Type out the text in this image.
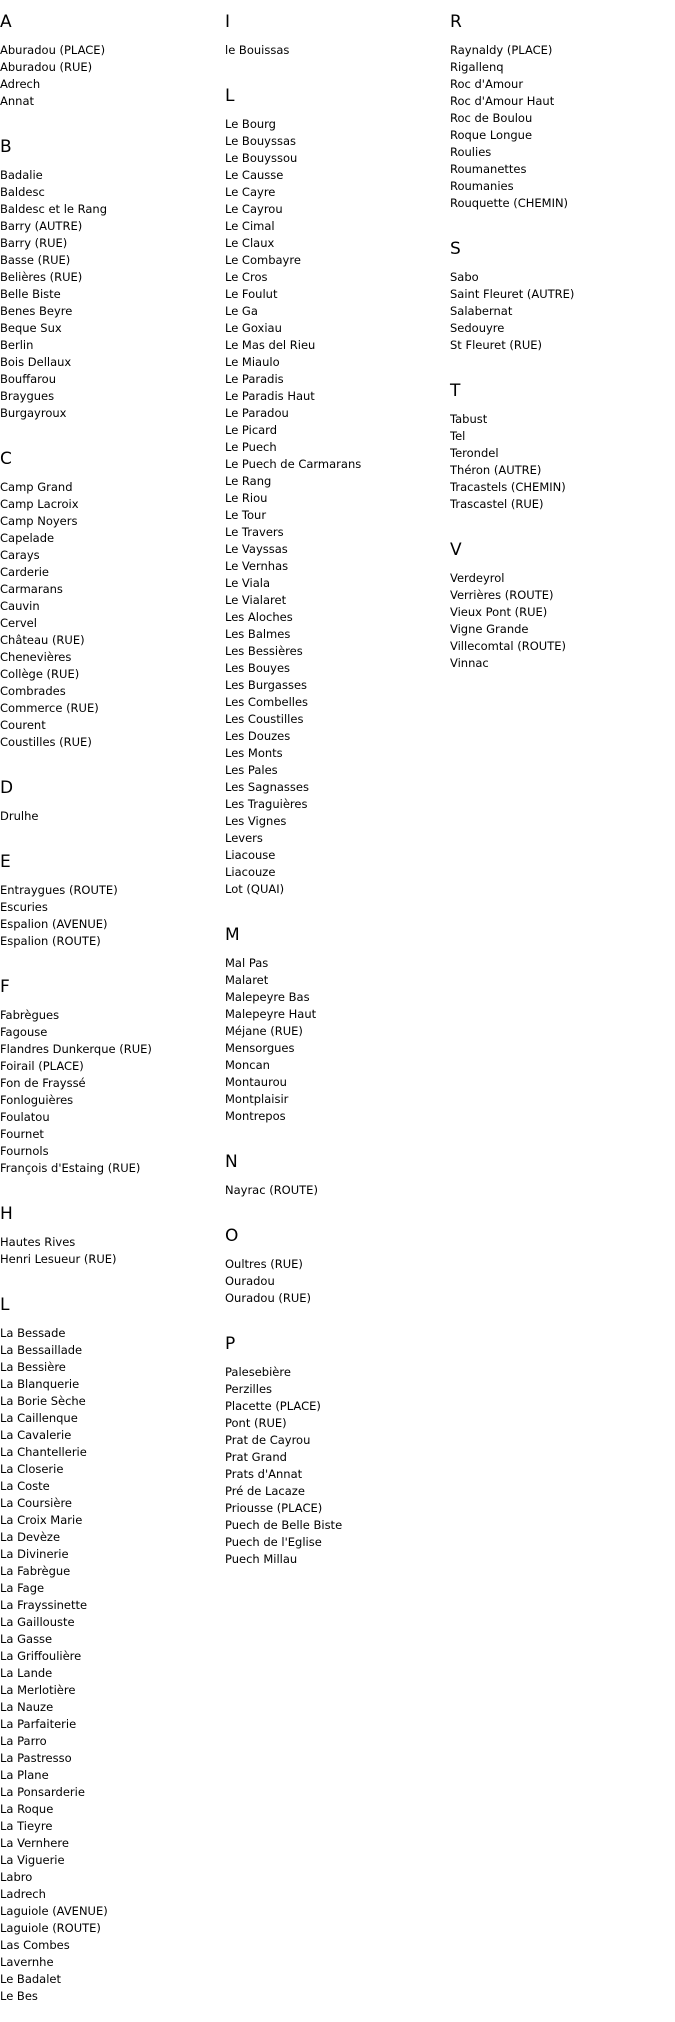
A
Aburadou (PLACE)
Aburadou (RUE)
Adrech
Annat
B
Badalie
Baldesc
Baldesc et le Rang
Barry (AUTRE)
Barry (RUE)
Basse (RUE)
Belières (RUE)
Belle Biste
Benes Beyre
Beque Sux
Berlin
Bois Dellaux
Bouffarou
Braygues
Burgayroux
C
Camp Grand
Camp Lacroix
Camp Noyers
Capelade
Carays
Carderie
Carmarans
Cauvin
Cervel
Château (RUE)
Chenevières
Collège (RUE)
Combrades
Commerce (RUE)
Courent
Coustilles (RUE)
D
Drulhe
E
Entraygues (ROUTE)
Escuries
Espalion (AVENUE)
Espalion (ROUTE)
F
Fabrègues
Fagouse
Flandres Dunkerque (RUE)
Foirail (PLACE)
Fon de Frayssé
Fonloguières
Foulatou
Fournet
Fournols
François d'Estaing (RUE)
H
Hautes Rives
Henri Lesueur (RUE)
L
La Bessade
La Bessaillade
La Bessière
La Blanquerie
La Borie Sèche
La Caillenque
La Cavalerie
La Chantellerie
La Closerie
La Coste
La Coursière
La Croix Marie
La Devèze
La Divinerie
La Fabrègue
La Fage
La Frayssinette
La Gaillouste
La Gasse
La Griffoulière
La Lande
La Merlotière
La Nauze
La Parfaiterie
La Parro
La Pastresso
La Plane
La Ponsarderie
La Roque
La Tieyre
La Vernhere
La Viguerie
Labro
Ladrech
Laguiole (AVENUE)
Laguiole (ROUTE)
Las Combes
Lavernhe
Le Badalet
Le Bes
I
le Bouissas
L
Le Bourg
Le Bouyssas
Le Bouyssou
Le Causse
Le Cayre
Le Cayrou
Le Cimal
Le Claux
Le Combayre
Le Cros
Le Foulut
Le Ga
Le Goxiau
Le Mas del Rieu
Le Miaulo
Le Paradis
Le Paradis Haut
Le Paradou
Le Picard
Le Puech
Le Puech de Carmarans
Le Rang
Le Riou
Le Tour
Le Travers
Le Vayssas
Le Vernhas
Le Viala
Le Vialaret
Les Aloches
Les Balmes
Les Bessières
Les Bouyes
Les Burgasses
Les Combelles
Les Coustilles
Les Douzes
Les Monts
Les Pales
Les Sagnasses
Les Traguières
Les Vignes
Levers
Liacouse
Liacouze
Lot (QUAI)
M
Mal Pas
Malaret
Malepeyre Bas
Malepeyre Haut
Méjane (RUE)
Mensorgues
Moncan
Montaurou
Montplaisir
Montrepos
N
Nayrac (ROUTE)
O
Oultres (RUE)
Ouradou
Ouradou (RUE)
P
Palesebière
Perzilles
Placette (PLACE)
Pont (RUE)
Prat de Cayrou
Prat Grand
Prats d'Annat
Pré de Lacaze
Priousse (PLACE)
Puech de Belle Biste
Puech de l'Eglise
Puech Millau
R
Raynaldy (PLACE)
Rigallenq
Roc d'Amour
Roc d'Amour Haut
Roc de Boulou
Roque Longue
Roulies
Roumanettes
Roumanies
Rouquette (CHEMIN)
S
Sabo
Saint Fleuret (AUTRE)
Salabernat
Sedouyre
St Fleuret (RUE)
T
Tabust
Tel
Terondel
Théron (AUTRE)
Tracastels (CHEMIN)
Trascastel (RUE)
V
Verdeyrol
Verrières (ROUTE)
Vieux Pont (RUE)
Vigne Grande
Villecomtal (ROUTE)
Vinnac
